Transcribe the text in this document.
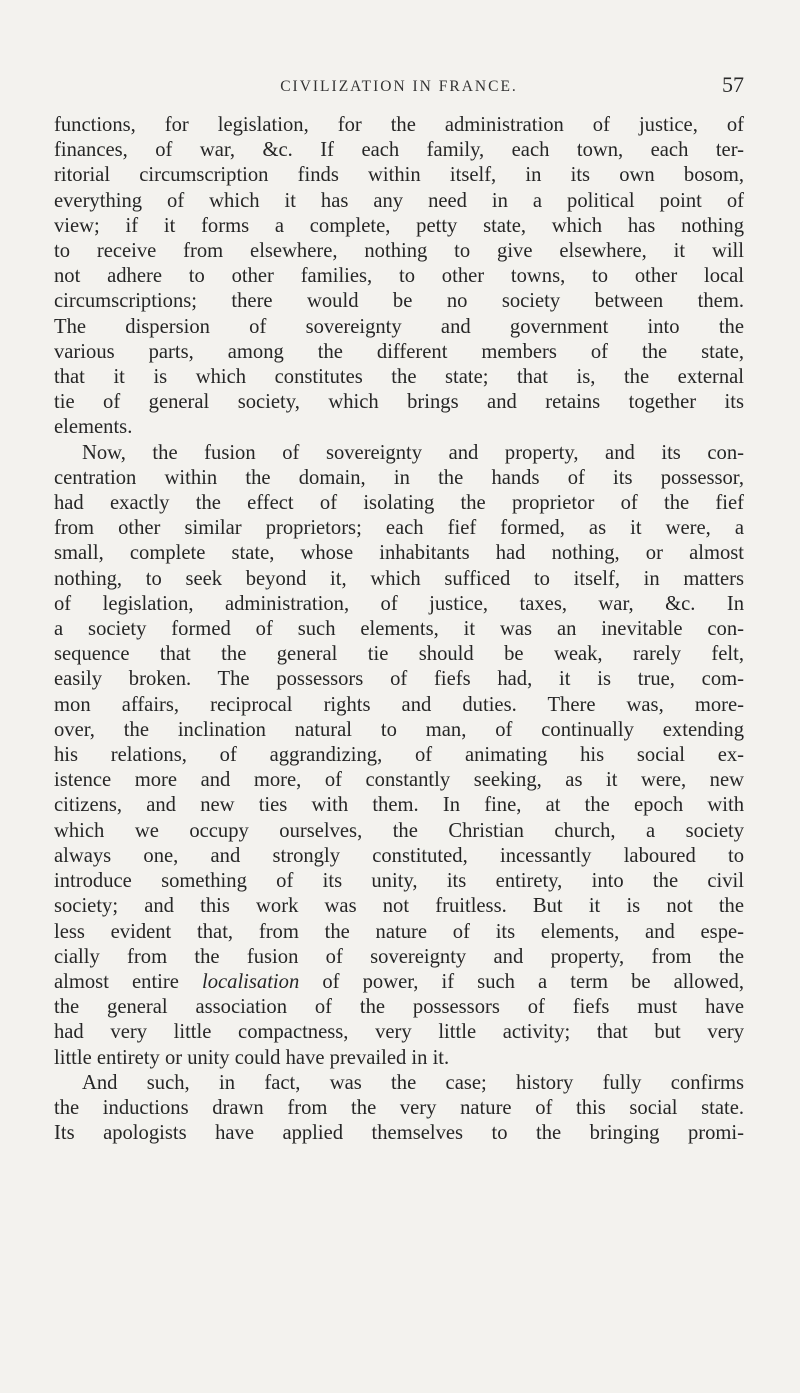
CIVILIZATION IN FRANCE.	57

functions, for legislation, for the administration of justice, of
finances, of war, &c. If each family, each town, each ter-
ritorial circumscription finds within itself, in its own bosom,
everything of which it has any need in a political point of
view; if it forms a complete, petty state, which has nothing
to receive from elsewhere, nothing to give elsewhere, it will
not adhere to other families, to other towns, to other local
circumscriptions; there would be no society between them.
The dispersion of sovereignty and government into the
various parts, among the different members of the state,
that it is which constitutes the state; that is, the external
tie of general society, which brings and retains together its
elements.

Now, the fusion of sovereignty and property, and its con-
centration within the domain, in the hands of its possessor,
had exactly the effect of isolating the proprietor of the fief
from other similar proprietors; each fief formed, as it were, a
small, complete state, whose inhabitants had nothing, or almost
nothing, to seek beyond it, which sufficed to itself, in matters
of legislation, administration, of justice, taxes, war, &c. In
a society formed of such elements, it was an inevitable con-
sequence that the general tie should be weak, rarely felt,
easily broken. The possessors of fiefs had, it is true, com-
mon affairs, reciprocal rights and duties. There was, more-
over, the inclination natural to man, of continually extending
his relations, of aggrandizing, of animating his social ex-
istence more and more, of constantly seeking, as it were, new
citizens, and new ties with them. In fine, at the epoch with
which we occupy ourselves, the Christian church, a society
always one, and strongly constituted, incessantly laboured to
introduce something of its unity, its entirety, into the civil
society; and this work was not fruitless. But it is not the
less evident that, from the nature of its elements, and espe-
cially from the fusion of sovereignty and property, from the
almost entire localisation of power, if such a term be allowed,
the general association of the possessors of fiefs must have
had very little compactness, very little activity; that but very
little entirety or unity could have prevailed in it.

And such, in fact, was the case; history fully confirms
the inductions drawn from the very nature of this social state.
Its apologists have applied themselves to the bringing promi-
